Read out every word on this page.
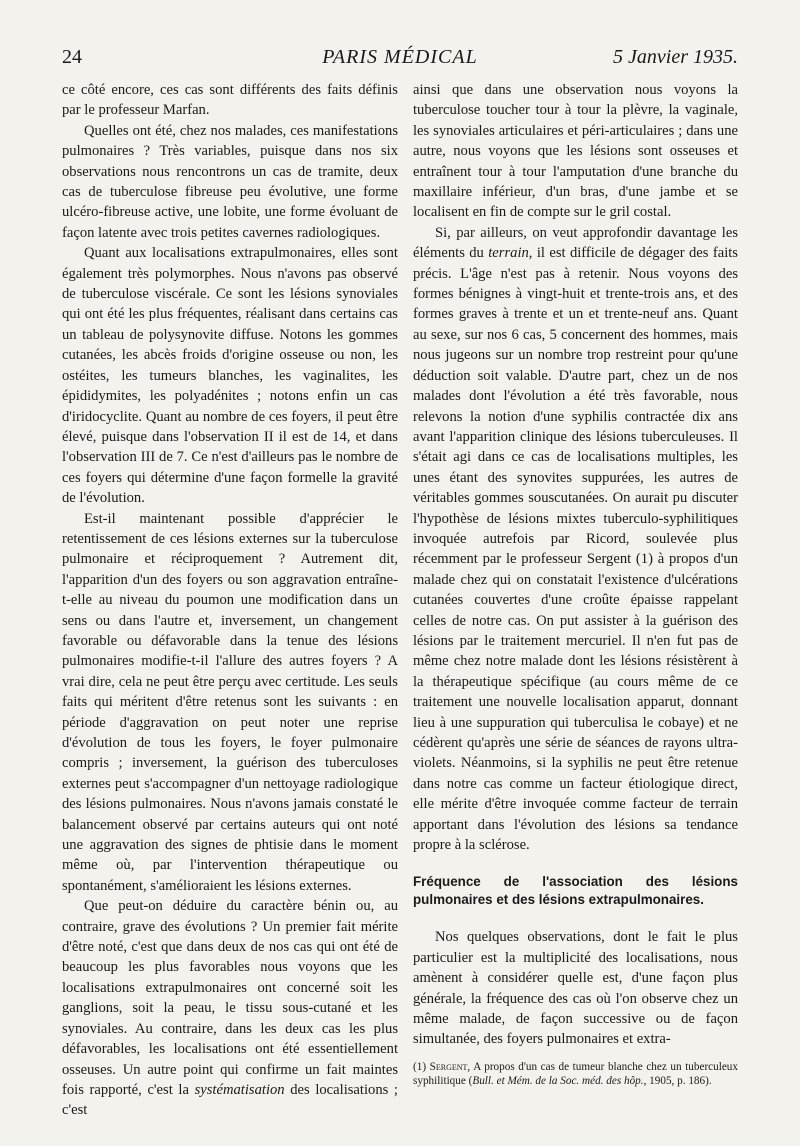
24	PARIS MÉDICAL	5 Janvier 1935.

ce côté encore, ces cas sont différents des faits définis par le professeur Marfan.

Quelles ont été, chez nos malades, ces manifestations pulmonaires ? Très variables, puisque dans nos six observations nous rencontrons un cas de tramite, deux cas de tuberculose fibreuse peu évolutive, une forme ulcéro-fibreuse active, une lobite, une forme évoluant de façon latente avec trois petites cavernes radiologiques.

Quant aux localisations extrapulmonaires, elles sont également très polymorphes. Nous n'avons pas observé de tuberculose viscérale. Ce sont les lésions synoviales qui ont été les plus fréquentes, réalisant dans certains cas un tableau de polysynovite diffuse. Notons les gommes cutanées, les abcès froids d'origine osseuse ou non, les ostéites, les tumeurs blanches, les vaginalites, les épididymites, les polyadénites ; notons enfin un cas d'iridocyclite. Quant au nombre de ces foyers, il peut être élevé, puisque dans l'observation II il est de 14, et dans l'observation III de 7. Ce n'est d'ailleurs pas le nombre de ces foyers qui détermine d'une façon formelle la gravité de l'évolution.

Est-il maintenant possible d'apprécier le retentissement de ces lésions externes sur la tuberculose pulmonaire et réciproquement ? Autrement dit, l'apparition d'un des foyers ou son aggravation entraîne-t-elle au niveau du poumon une modification dans un sens ou dans l'autre et, inversement, un changement favorable ou défavorable dans la tenue des lésions pulmonaires modifie-t-il l'allure des autres foyers ? A vrai dire, cela ne peut être perçu avec certitude. Les seuls faits qui méritent d'être retenus sont les suivants : en période d'aggravation on peut noter une reprise d'évolution de tous les foyers, le foyer pulmonaire compris ; inversement, la guérison des tuberculoses externes peut s'accompagner d'un nettoyage radiologique des lésions pulmonaires. Nous n'avons jamais constaté le balancement observé par certains auteurs qui ont noté une aggravation des signes de phtisie dans le moment même où, par l'intervention thérapeutique ou spontanément, s'amélioraient les lésions externes.

Que peut-on déduire du caractère bénin ou, au contraire, grave des évolutions ? Un premier fait mérite d'être noté, c'est que dans deux de nos cas qui ont été de beaucoup les plus favorables nous voyons que les localisations extrapulmonaires ont concerné soit les ganglions, soit la peau, le tissu sous-cutané et les synoviales. Au contraire, dans les deux cas les plus défavorables, les localisations ont été essentiellement osseuses. Un autre point qui confirme un fait maintes fois rapporté, c'est la systématisation des localisations ; c'est

ainsi que dans une observation nous voyons la tuberculose toucher tour à tour la plèvre, la vaginale, les synoviales articulaires et péri-articulaires ; dans une autre, nous voyons que les lésions sont osseuses et entraînent tour à tour l'amputation d'une branche du maxillaire inférieur, d'un bras, d'une jambe et se localisent en fin de compte sur le gril costal.

Si, par ailleurs, on veut approfondir davantage les éléments du terrain, il est difficile de dégager des faits précis. L'âge n'est pas à retenir. Nous voyons des formes bénignes à vingt-huit et trente-trois ans, et des formes graves à trente et un et trente-neuf ans. Quant au sexe, sur nos 6 cas, 5 concernent des hommes, mais nous jugeons sur un nombre trop restreint pour qu'une déduction soit valable. D'autre part, chez un de nos malades dont l'évolution a été très favorable, nous relevons la notion d'une syphilis contractée dix ans avant l'apparition clinique des lésions tuberculeuses. Il s'était agi dans ce cas de localisations multiples, les unes étant des synovites suppurées, les autres de véritables gommes souscutanées. On aurait pu discuter l'hypothèse de lésions mixtes tuberculo-syphilitiques invoquée autrefois par Ricord, soulevée plus récemment par le professeur Sergent (1) à propos d'un malade chez qui on constatait l'existence d'ulcérations cutanées couvertes d'une croûte épaisse rappelant celles de notre cas. On put assister à la guérison des lésions par le traitement mercuriel. Il n'en fut pas de même chez notre malade dont les lésions résistèrent à la thérapeutique spécifique (au cours même de ce traitement une nouvelle localisation apparut, donnant lieu à une suppuration qui tuberculisa le cobaye) et ne cédèrent qu'après une série de séances de rayons ultra-violets. Néanmoins, si la syphilis ne peut être retenue dans notre cas comme un facteur étiologique direct, elle mérite d'être invoquée comme facteur de terrain apportant dans l'évolution des lésions sa tendance propre à la sclérose.

Fréquence de l'association des lésions pulmonaires et des lésions extrapulmonaires.

Nos quelques observations, dont le fait le plus particulier est la multiplicité des localisations, nous amènent à considérer quelle est, d'une façon plus générale, la fréquence des cas où l'on observe chez un même malade, de façon successive ou de façon simultanée, des foyers pulmonaires et extra-

(1) Sergent, A propos d'un cas de tumeur blanche chez un tuberculeux syphilitique (Bull. et Mém. de la Soc. méd. des hôp., 1905, p. 186).
